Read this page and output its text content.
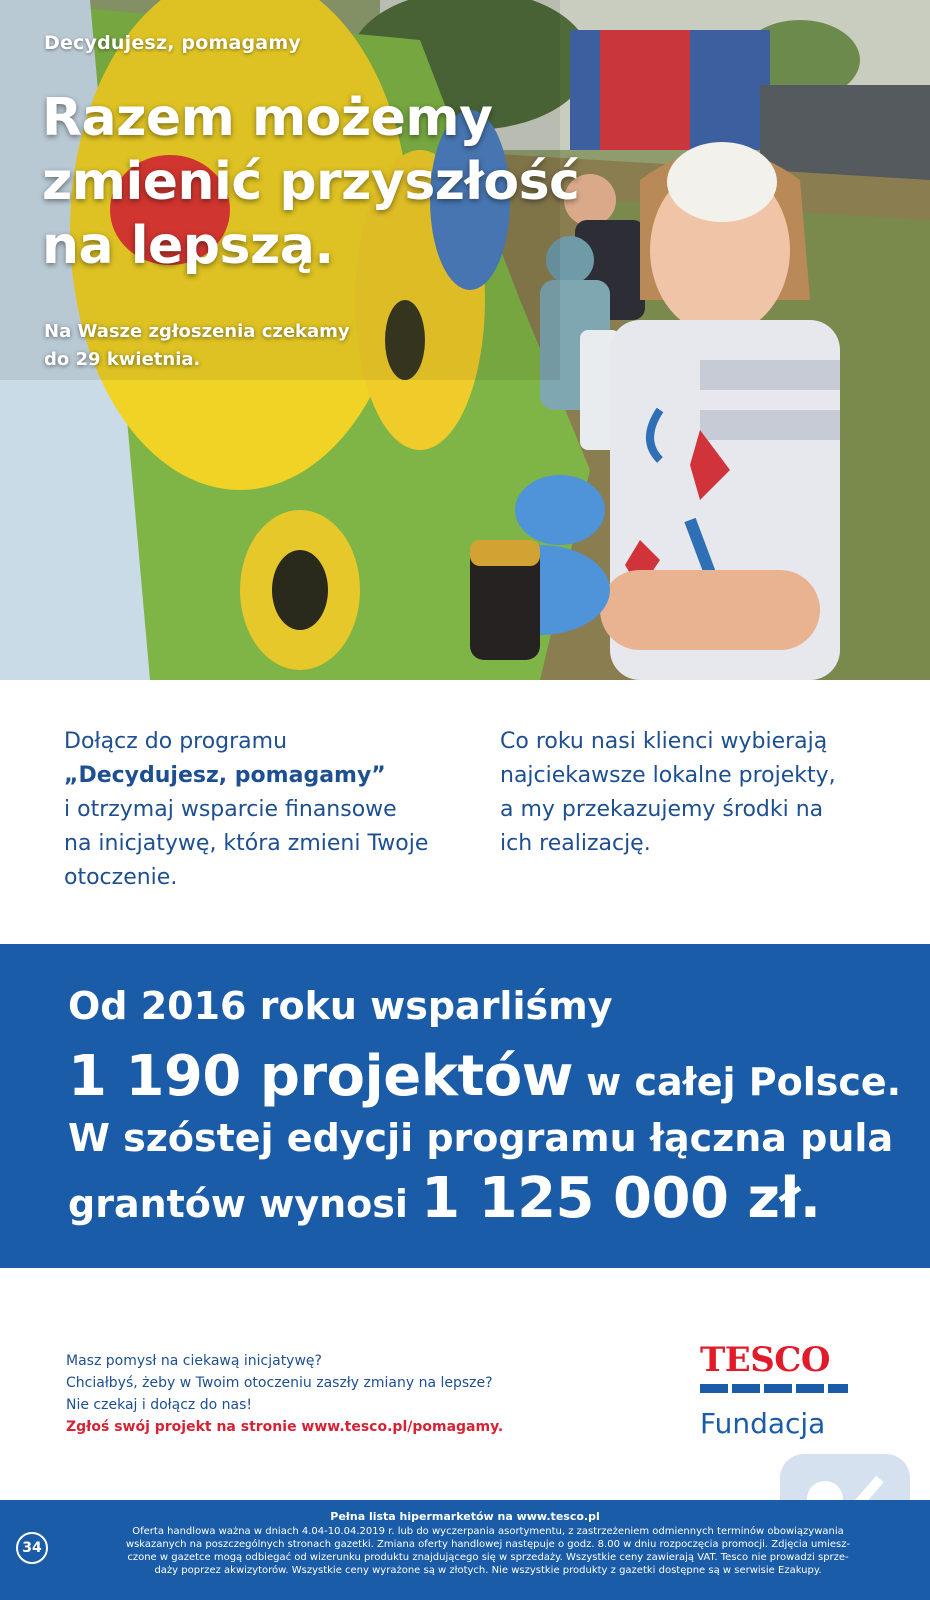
Decydujesz, pomagamy
Razem możemy
zmienić przyszłość
na lepszą.
Na Wasze zgłoszenia czekamy
do 29 kwietnia.
Dołącz do programu
„Decydujesz, pomagamy”
i otrzymaj wsparcie finansowe
na inicjatywę, która zmieni Twoje
otoczenie.
Co roku nasi klienci wybierają
najciekawsze lokalne projekty,
a my przekazujemy środki na
ich realizację.
Od 2016 roku wsparliśmy
1 190 projektów w całej Polsce.
W szóstej edycji programu łączna pula
grantów wynosi 1 125 000 zł.
Masz pomysł na ciekawą inicjatywę?
Chciałbyś, żeby w Twoim otoczeniu zaszły zmiany na lepsze?
Nie czekaj i dołącz do nas!
Zgłoś swój projekt na stronie www.tesco.pl/pomagamy.
TESCO
Fundacja
34
Pełna lista hipermarketów na www.tesco.pl
Oferta handlowa ważna w dniach 4.04-10.04.2019 r. lub do wyczerpania asortymentu, z zastrzeżeniem odmiennych terminów obowiązywania
wskazanych na poszczególnych stronach gazetki. Zmiana oferty handlowej następuje o godz. 8.00 w dniu rozpoczęcia promocji. Zdjęcia umiesz-
czone w gazetce mogą odbiegać od wizerunku produktu znajdującego się w sprzedaży. Wszystkie ceny zawierają VAT. Tesco nie prowadzi sprze-
daży poprzez akwizytorów. Wszystkie ceny wyrażone są w złotych. Nie wszystkie produkty z gazetki dostępne są w serwisie Ezakupy.
